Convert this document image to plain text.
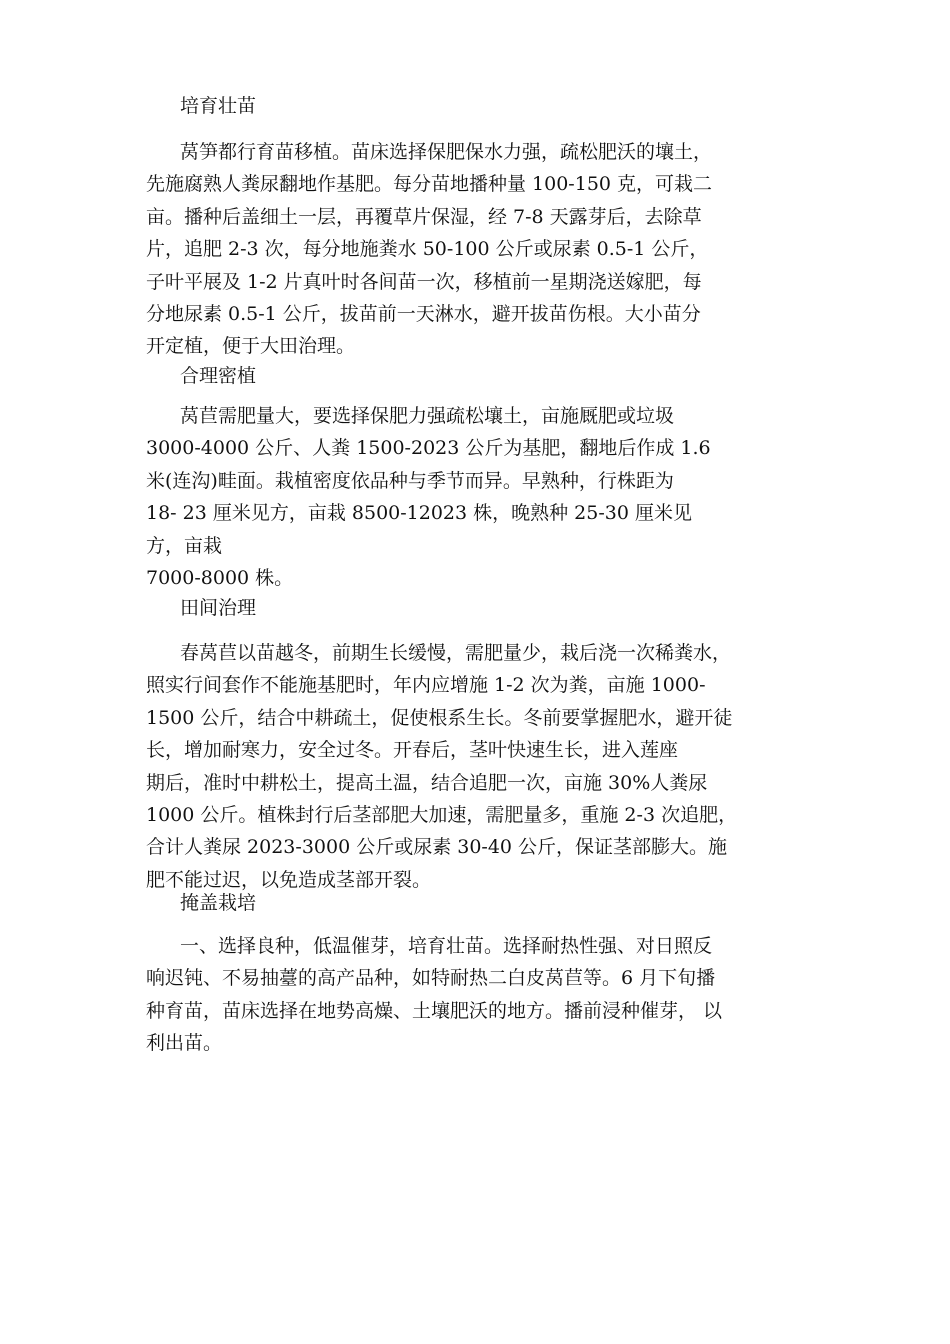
培育壮苗
莴笋都行育苗移植。苗床选择保肥保水力强，疏松肥沃的壤土，
先施腐熟人粪尿翻地作基肥。每分苗地播种量 100-150 克，可栽二
亩。播种后盖细土一层，再覆草片保湿，经 7-8 天露芽后，去除草
片，追肥 2-3 次，每分地施粪水 50-100 公斤或尿素 0.5-1 公斤，
子叶平展及 1-2 片真叶时各间苗一次，移植前一星期浇送嫁肥，每
分地尿素 0.5-1 公斤，拔苗前一天淋水，避开拔苗伤根。大小苗分
开定植，便于大田治理。
合理密植
莴苣需肥量大，要选择保肥力强疏松壤土，亩施厩肥或垃圾
3000-4000 公斤、人粪 1500-2023 公斤为基肥，翻地后作成 1.6
米(连沟)畦面。栽植密度依品种与季节而异。早熟种，行株距为
18- 23 厘米见方，亩栽 8500-12023 株，晚熟种 25-30 厘米见
方，亩栽
7000-8000 株。
田间治理
春莴苣以苗越冬，前期生长缓慢，需肥量少，栽后浇一次稀粪水，
照实行间套作不能施基肥时，年内应增施 1-2 次为粪，亩施 1000-
1500 公斤，结合中耕疏土，促使根系生长。冬前要掌握肥水，避开徒
长，增加耐寒力，安全过冬。开春后，茎叶快速生长，进入莲座
期后，准时中耕松土，提高土温，结合追肥一次，亩施 30%人粪尿
1000 公斤。植株封行后茎部肥大加速，需肥量多，重施 2-3 次追肥，
合计人粪尿 2023-3000 公斤或尿素 30-40 公斤，保证茎部膨大。施
肥不能过迟，以免造成茎部开裂。
掩盖栽培
一、选择良种，低温催芽，培育壮苗。选择耐热性强、对日照反
响迟钝、不易抽薹的高产品种，如特耐热二白皮莴苣等。6 月下旬播
种育苗，苗床选择在地势高燥、土壤肥沃的地方。播前浸种催芽， 以
利出苗。
